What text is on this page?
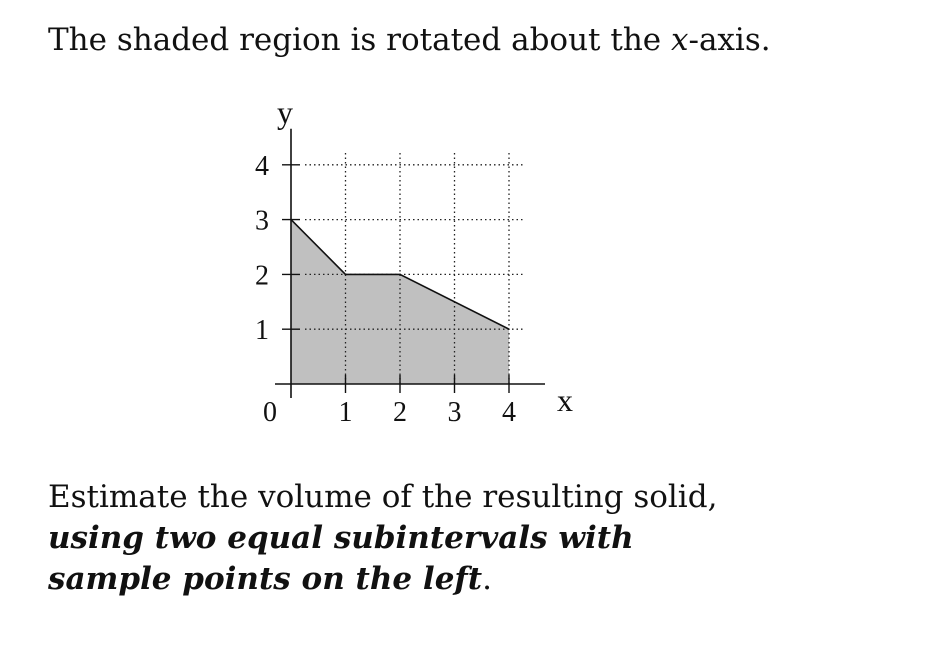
The shaded region is rotated about the x-axis.
1 2 3 4
1
2
3
4
0	x
y
Estimate the volume of the resulting solid, using two equal subintervals with sample points on the left.
